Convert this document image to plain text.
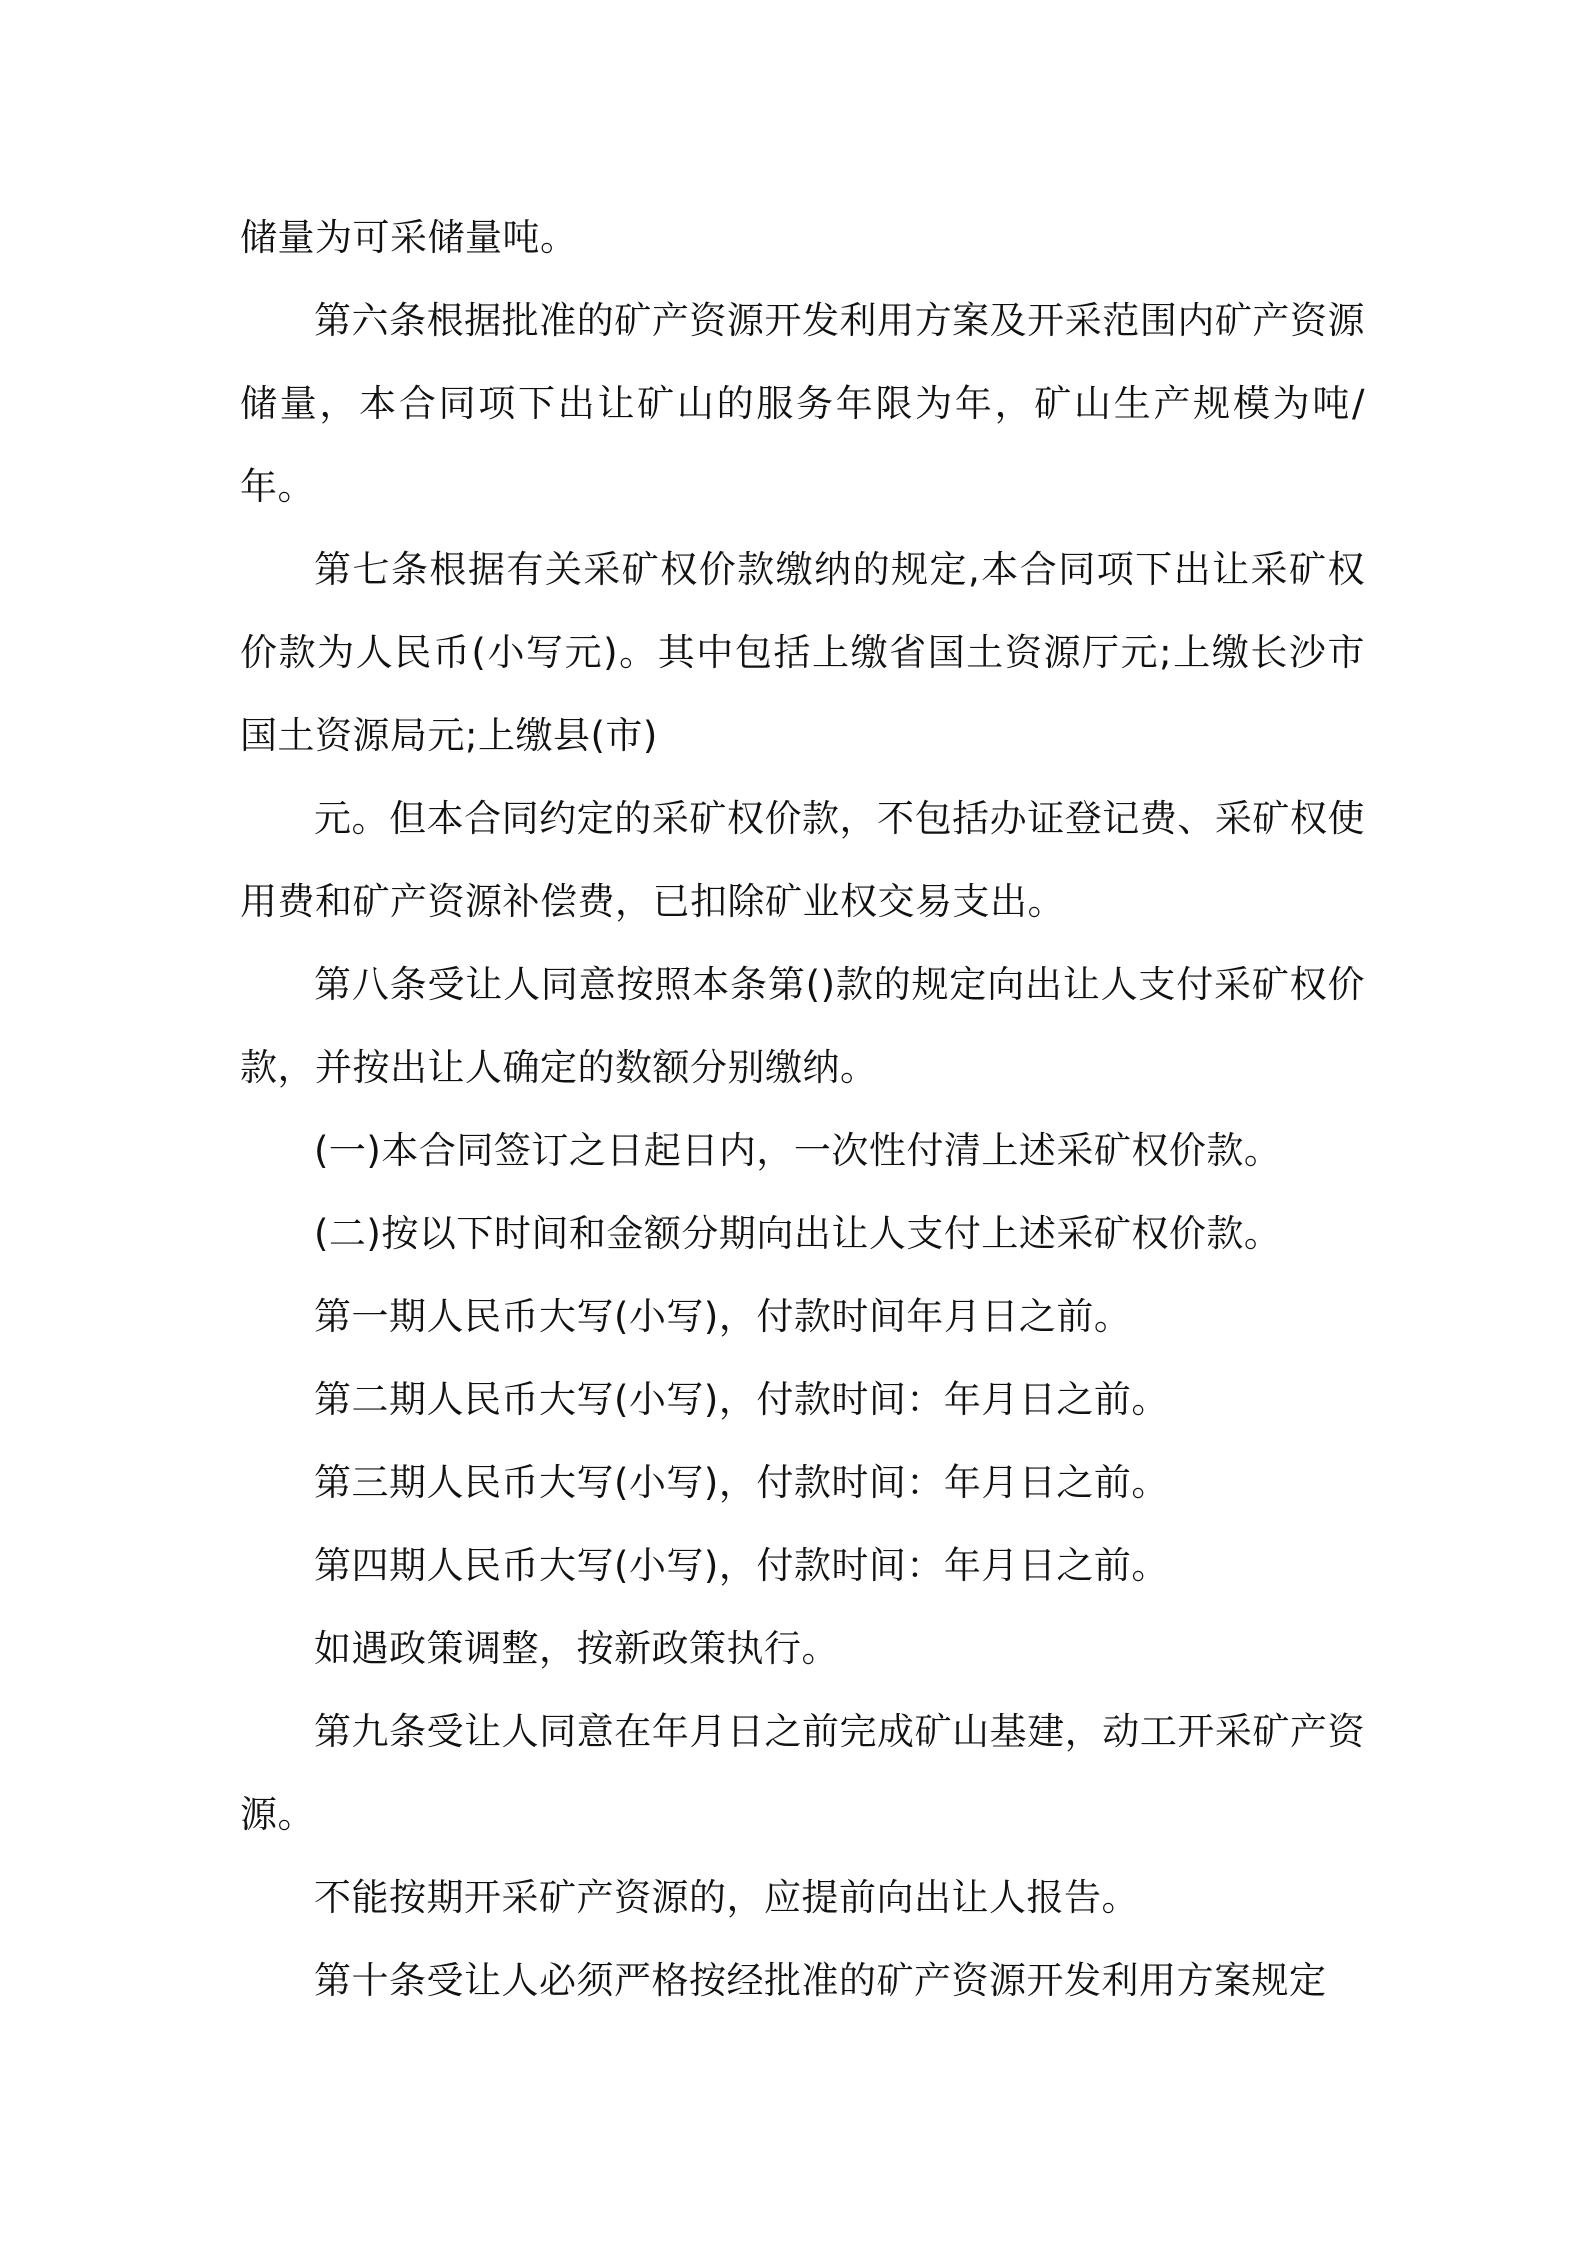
储量为可采储量吨。

第六条根据批准的矿产资源开发利用方案及开采范围内矿产资源储量，本合同项下出让矿山的服务年限为年，矿山生产规模为吨/年。

第七条根据有关采矿权价款缴纳的规定,本合同项下出让采矿权价款为人民币(小写元)。其中包括上缴省国土资源厅元;上缴长沙市国土资源局元;上缴县(市)

元。但本合同约定的采矿权价款，不包括办证登记费、采矿权使用费和矿产资源补偿费，已扣除矿业权交易支出。

第八条受让人同意按照本条第()款的规定向出让人支付采矿权价款，并按出让人确定的数额分别缴纳。

(一)本合同签订之日起日内，一次性付清上述采矿权价款。

(二)按以下时间和金额分期向出让人支付上述采矿权价款。

第一期人民币大写(小写)，付款时间年月日之前。

第二期人民币大写(小写)，付款时间：年月日之前。

第三期人民币大写(小写)，付款时间：年月日之前。

第四期人民币大写(小写)，付款时间：年月日之前。

如遇政策调整，按新政策执行。

第九条受让人同意在年月日之前完成矿山基建，动工开采矿产资源。

不能按期开采矿产资源的，应提前向出让人报告。

第十条受让人必须严格按经批准的矿产资源开发利用方案规定
